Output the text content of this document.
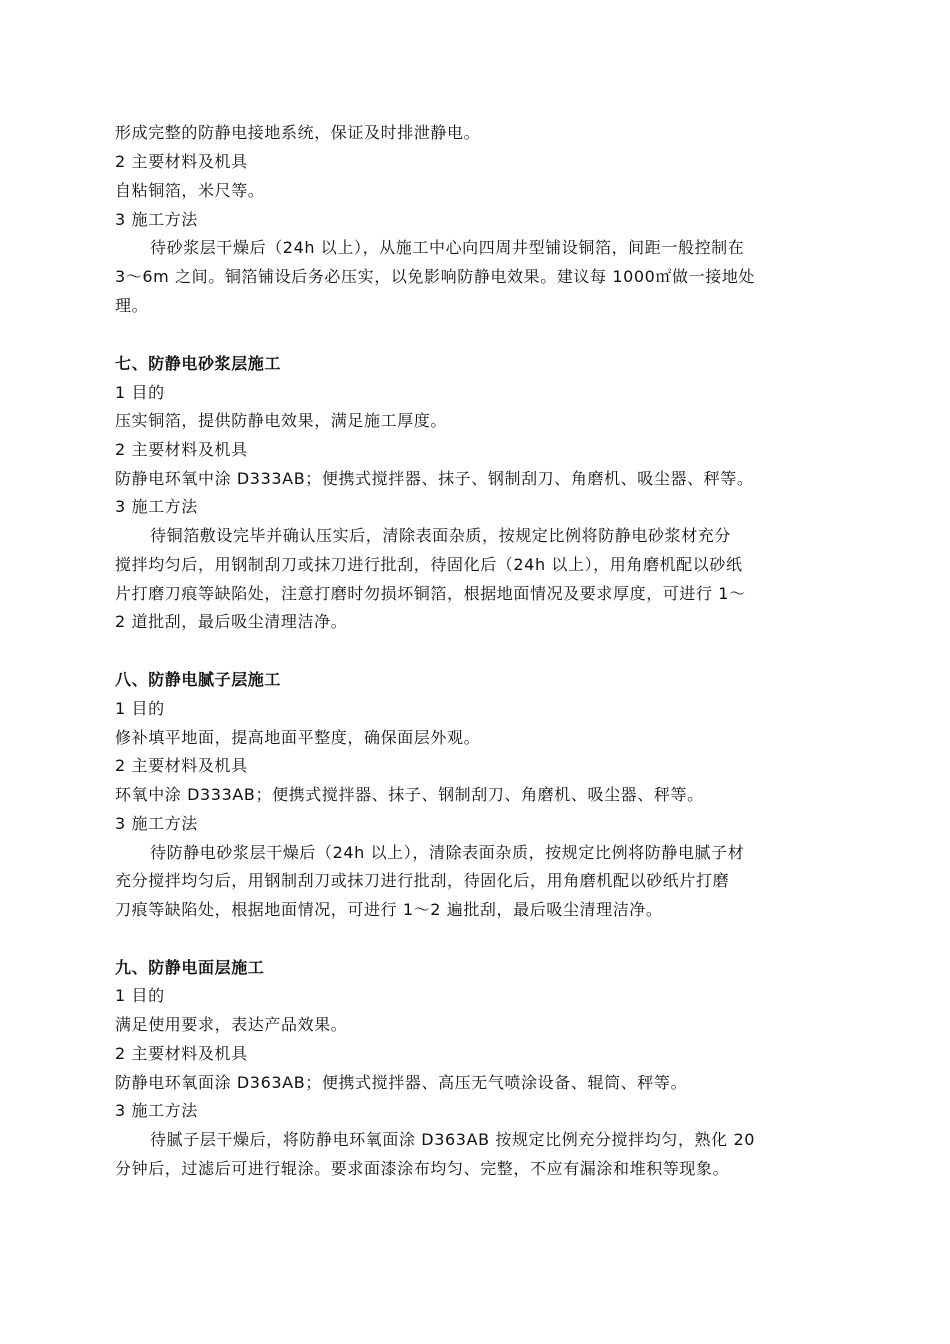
形成完整的防静电接地系统，保证及时排泄静电。
2 主要材料及机具
自粘铜箔，米尺等。
3 施工方法
待砂浆层干燥后（24h 以上），从施工中心向四周井型铺设铜箔，间距一般控制在
3～6m 之间。铜箔铺设后务必压实，以免影响防静电效果。建议每 1000㎡做一接地处
理。
七、防静电砂浆层施工
1 目的
压实铜箔，提供防静电效果，满足施工厚度。
2 主要材料及机具
防静电环氧中涂 D333AB；便携式搅拌器、抹子、钢制刮刀、角磨机、吸尘器、秤等。
3 施工方法
待铜箔敷设完毕并确认压实后，清除表面杂质，按规定比例将防静电砂浆材充分
搅拌均匀后，用钢制刮刀或抹刀进行批刮，待固化后（24h 以上），用角磨机配以砂纸
片打磨刀痕等缺陷处，注意打磨时勿损坏铜箔，根据地面情况及要求厚度，可进行 1～
2 道批刮，最后吸尘清理洁净。
八、防静电腻子层施工
1 目的
修补填平地面，提高地面平整度，确保面层外观。
2 主要材料及机具
环氧中涂 D333AB；便携式搅拌器、抹子、钢制刮刀、角磨机、吸尘器、秤等。
3 施工方法
待防静电砂浆层干燥后（24h 以上），清除表面杂质，按规定比例将防静电腻子材
充分搅拌均匀后，用钢制刮刀或抹刀进行批刮，待固化后，用角磨机配以砂纸片打磨
刀痕等缺陷处，根据地面情况，可进行 1～2 遍批刮，最后吸尘清理洁净。
九、防静电面层施工
1 目的
满足使用要求，表达产品效果。
2 主要材料及机具
防静电环氧面涂 D363AB；便携式搅拌器、高压无气喷涂设备、辊筒、秤等。
3 施工方法
待腻子层干燥后，将防静电环氧面涂 D363AB 按规定比例充分搅拌均匀，熟化 20
分钟后，过滤后可进行辊涂。要求面漆涂布均匀、完整，不应有漏涂和堆积等现象。
